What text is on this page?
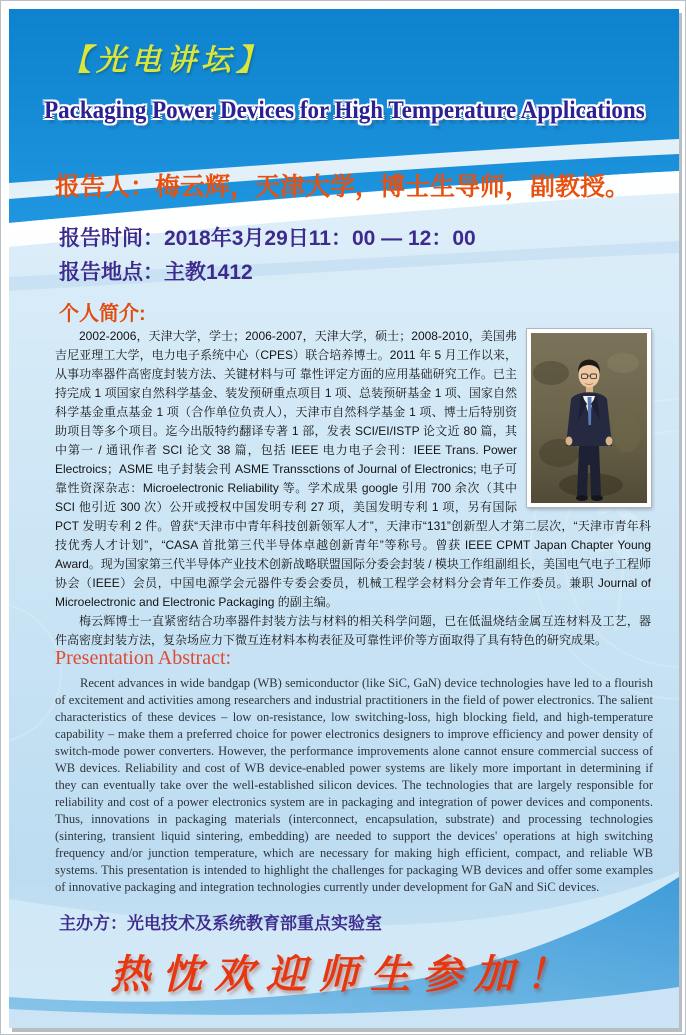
【光电讲坛】
Packaging Power Devices for High Temperature Applications
报告人：梅云辉，天津大学，博士生导师，副教授。
报告时间：2018年3月29日11：00 — 12：00
报告地点：主教1412
个人简介:

2002-2006，天津大学，学士；2006-2007，天津大学，硕士；2008-2010，美国弗吉尼亚理工大学，电力电子系统中心（CPES）联合培养博士。2011 年 5 月工作以来，从事功率器件高密度封装方法、关键材料与可 靠性评定方面的应用基础研究工作。已主持完成 1 项国家自然科学基金、装发预研重点项目 1 项、总装预研基金 1 项、国家自然科学基金重点基金 1 项（合作单位负责人），天津市自然科学基金 1 项、博士后特别资助项目等多个项目。迄今出版特约翻译专著 1 部，发表 SCI/EI/ISTP 论文近 80 篇，其中第一 / 通讯作者 SCI 论文 38 篇，包括 IEEE 电力电子会刊：IEEE Trans. Power Electroics；ASME 电子封装会刊 ASME Transsctions of Journal of Electronics; 电子可靠性资深杂志：Microelectronic Reliability 等。学术成果 google 引用 700 余次（其中 SCI 他引近 300 次）公开或授权中国发明专利 27 项，美国发明专利 1 项，另有国际 PCT 发明专利 2 件。曾获“天津市中青年科技创新领军人才”，天津市“131”创新型人才第二层次，“天津市青年科技优秀人才计划”，“CASA 首批第三代半导体卓越创新青年”等称号。曾获 IEEE CPMT Japan Chapter Young Award。现为国家第三代半导体产业技术创新战略联盟国际分委会封装 / 模块工作组副组长，美国电气电子工程师协会（IEEE）会员，中国电源学会元器件专委会委员，机械工程学会材料分会青年工作委员。兼职 Journal of Microelectronic and Electronic Packaging 的副主编。

梅云辉博士一直紧密结合功率器件封装方法与材料的相关科学问题，已在低温烧结金属互连材料及工艺，器件高密度封装方法，复杂场应力下微互连材料本构表征及可靠性评价等方面取得了具有特色的研究成果。

Presentation Abstract:

Recent advances in wide bandgap (WB) semiconductor (like SiC, GaN) device technologies have led to a flourish of excitement and activities among researchers and industrial practitioners in the field of power electronics. The salient characteristics of these devices – low on-resistance, low switching-loss, high blocking field, and high-temperature capability – make them a preferred choice for power electronics designers to improve efficiency and power density of switch-mode power converters. However, the performance improvements alone cannot ensure commercial success of WB devices. Reliability and cost of WB device-enabled power systems are likely more important in determining if they can eventually take over the well-established silicon devices. The technologies that are largely responsible for reliability and cost of a power electronics system are in packaging and integration of power devices and components. Thus, innovations in packaging materials (interconnect, encapsulation, substrate) and processing technologies (sintering, transient liquid sintering, embedding) are needed to support the devices' operations at high switching frequency and/or junction temperature, which are necessary for making high efficient, compact, and reliable WB systems. This presentation is intended to highlight the challenges for packaging WB devices and offer some examples of innovative packaging and integration technologies currently under development for GaN and SiC devices.

主办方：光电技术及系统教育部重点实验室
热忱欢迎师生参加！
